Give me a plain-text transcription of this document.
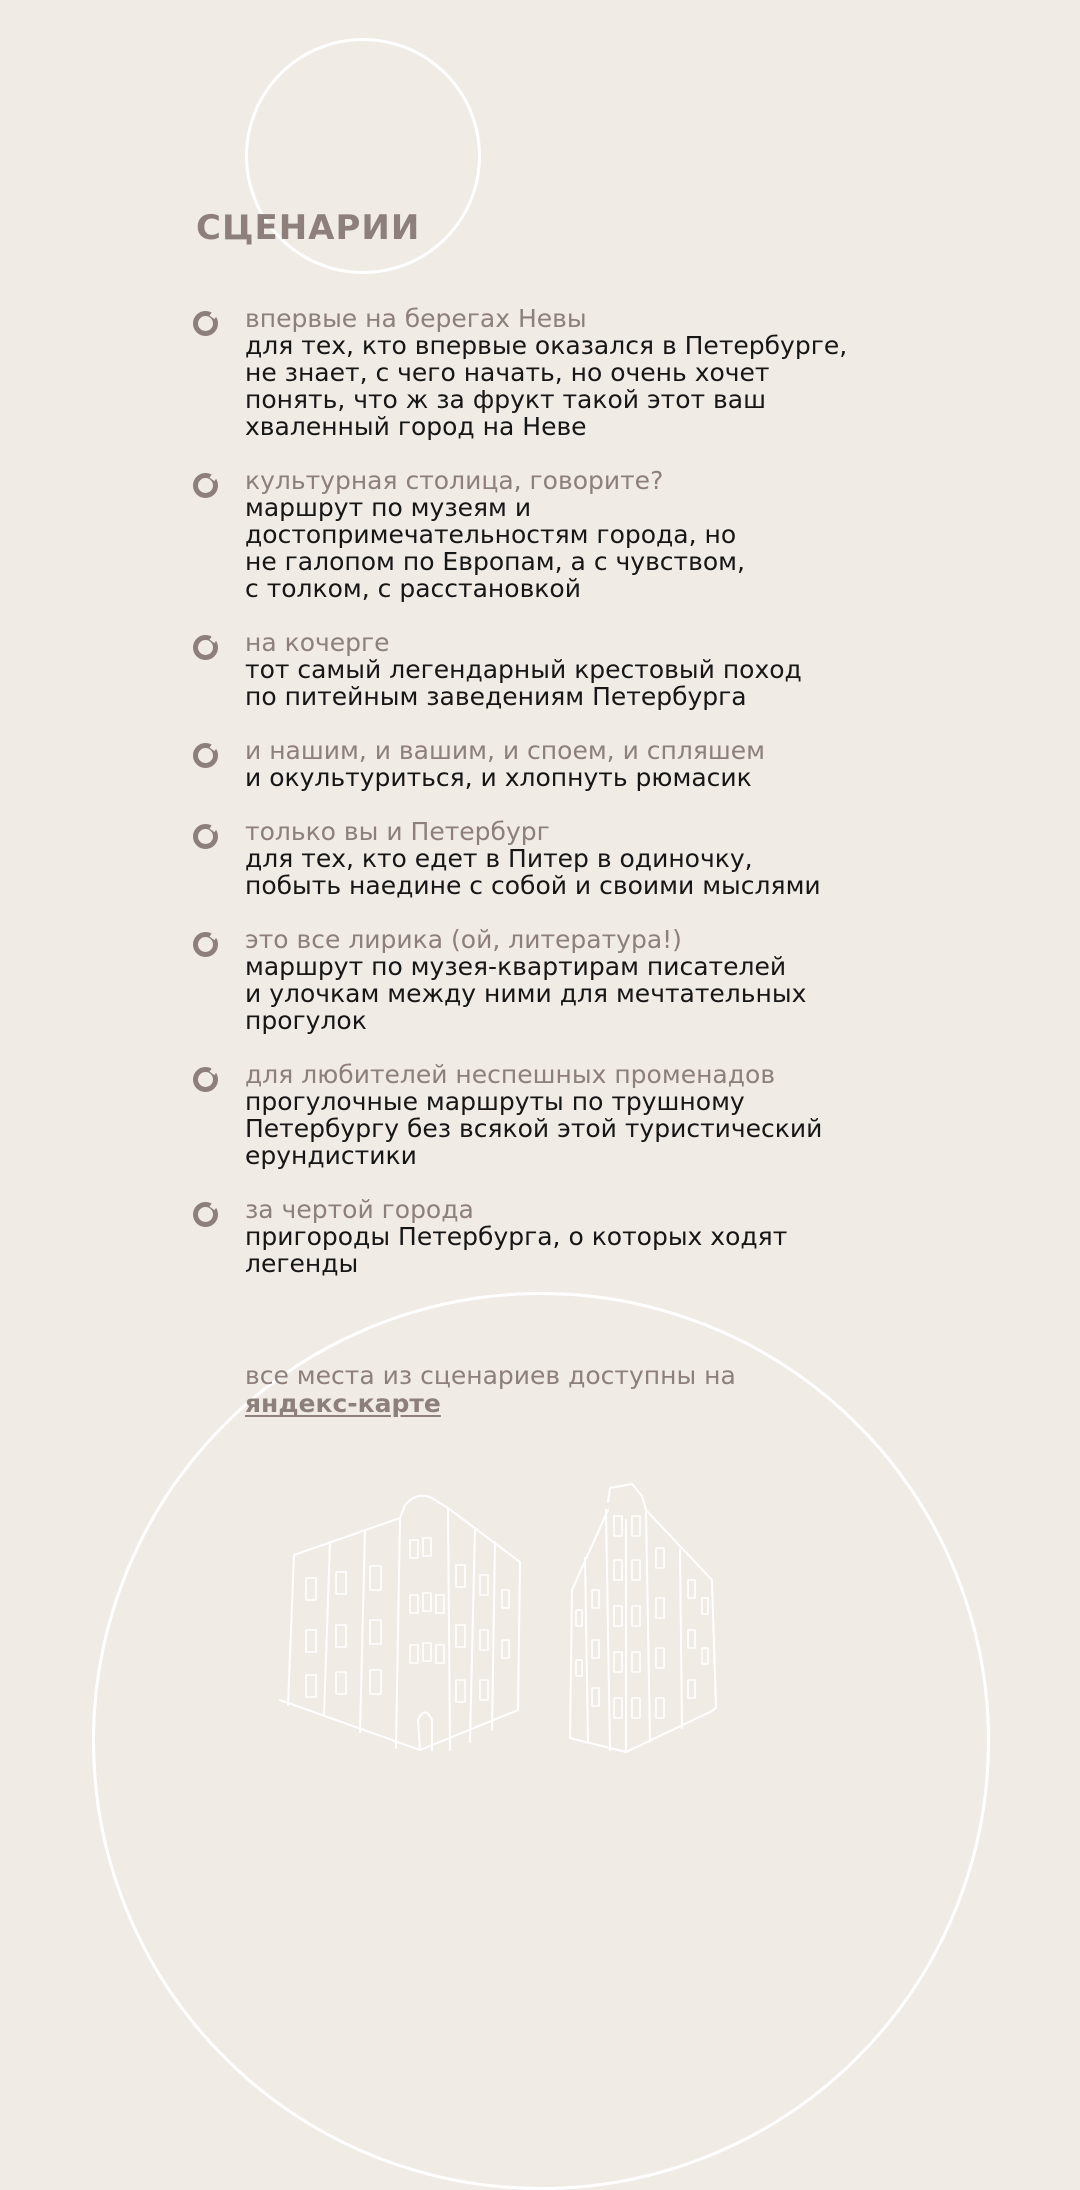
СЦЕНАРИИ
впервые на берегах Невы
для тех, кто впервые оказался в Петербурге,
не знает, с чего начать, но очень хочет
понять, что ж за фрукт такой этот ваш
хваленный город на Неве
культурная столица, говорите?
маршрут по музеям и
достопримечательностям города, но
не галопом по Европам, а с чувством,
с толком, с расстановкой
на кочерге
тот самый легендарный крестовый поход
по питейным заведениям Петербурга
и нашим, и вашим, и споем, и спляшем
и окультуриться, и хлопнуть рюмасик
только вы и Петербург
для тех, кто едет в Питер в одиночку,
побыть наедине с собой и своими мыслями
это все лирика (ой, литература!)
маршрут по музея-квартирам писателей
и улочкам между ними для мечтательных
прогулок
для любителей неспешных променадов
прогулочные маршруты по трушному
Петербургу без всякой этой туристический
ерундистики
за чертой города
пригороды Петербурга, о которых ходят
легенды
все места из сценариев доступны на
яндекс-карте
